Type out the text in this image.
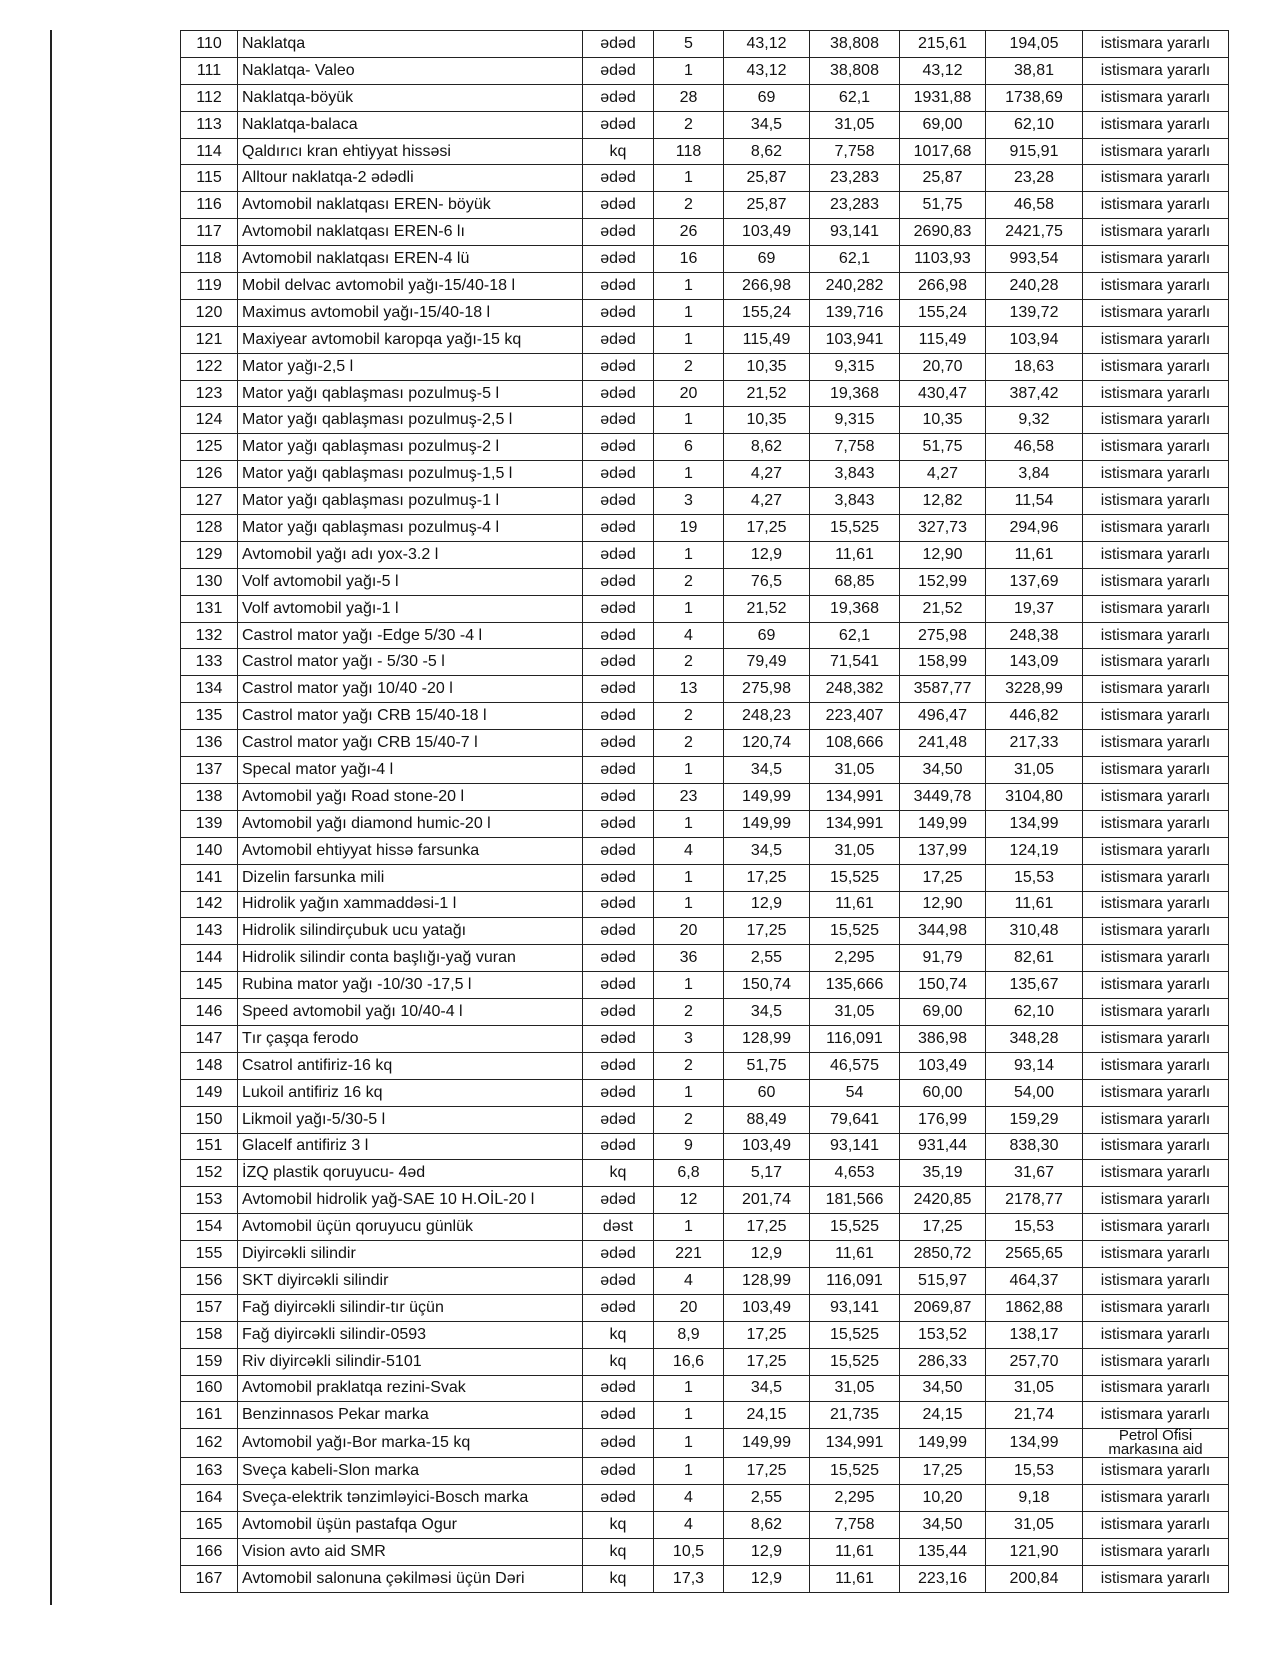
110	Naklatqa	ədəd	5	43,12	38,808	215,61	194,05	istismara yararlı
111	Naklatqa- Valeo	ədəd	1	43,12	38,808	43,12	38,81	istismara yararlı
112	Naklatqa-böyük	ədəd	28	69	62,1	1931,88	1738,69	istismara yararlı
113	Naklatqa-balaca	ədəd	2	34,5	31,05	69,00	62,10	istismara yararlı
114	Qaldırıcı kran ehtiyyat hissəsi	kq	118	8,62	7,758	1017,68	915,91	istismara yararlı
115	Alltour naklatqa-2 ədədli	ədəd	1	25,87	23,283	25,87	23,28	istismara yararlı
116	Avtomobil naklatqası EREN- böyük	ədəd	2	25,87	23,283	51,75	46,58	istismara yararlı
117	Avtomobil naklatqası EREN-6 lı	ədəd	26	103,49	93,141	2690,83	2421,75	istismara yararlı
118	Avtomobil naklatqası EREN-4 lü	ədəd	16	69	62,1	1103,93	993,54	istismara yararlı
119	Mobil delvac avtomobil yağı-15/40-18 l	ədəd	1	266,98	240,282	266,98	240,28	istismara yararlı
120	Maximus avtomobil yağı-15/40-18 l	ədəd	1	155,24	139,716	155,24	139,72	istismara yararlı
121	Maxiyear avtomobil karopqa yağı-15 kq	ədəd	1	115,49	103,941	115,49	103,94	istismara yararlı
122	Mator yağı-2,5 l	ədəd	2	10,35	9,315	20,70	18,63	istismara yararlı
123	Mator yağı qablaşması pozulmuş-5 l	ədəd	20	21,52	19,368	430,47	387,42	istismara yararlı
124	Mator yağı qablaşması pozulmuş-2,5 l	ədəd	1	10,35	9,315	10,35	9,32	istismara yararlı
125	Mator yağı qablaşması pozulmuş-2 l	ədəd	6	8,62	7,758	51,75	46,58	istismara yararlı
126	Mator yağı qablaşması pozulmuş-1,5 l	ədəd	1	4,27	3,843	4,27	3,84	istismara yararlı
127	Mator yağı qablaşması pozulmuş-1 l	ədəd	3	4,27	3,843	12,82	11,54	istismara yararlı
128	Mator yağı qablaşması pozulmuş-4 l	ədəd	19	17,25	15,525	327,73	294,96	istismara yararlı
129	Avtomobil yağı adı yox-3.2 l	ədəd	1	12,9	11,61	12,90	11,61	istismara yararlı
130	Volf avtomobil yağı-5 l	ədəd	2	76,5	68,85	152,99	137,69	istismara yararlı
131	Volf avtomobil yağı-1 l	ədəd	1	21,52	19,368	21,52	19,37	istismara yararlı
132	Castrol mator yağı -Edge 5/30 -4 l	ədəd	4	69	62,1	275,98	248,38	istismara yararlı
133	Castrol mator yağı - 5/30 -5 l	ədəd	2	79,49	71,541	158,99	143,09	istismara yararlı
134	Castrol mator yağı 10/40 -20 l	ədəd	13	275,98	248,382	3587,77	3228,99	istismara yararlı
135	Castrol mator yağı CRB 15/40-18 l	ədəd	2	248,23	223,407	496,47	446,82	istismara yararlı
136	Castrol mator yağı CRB 15/40-7 l	ədəd	2	120,74	108,666	241,48	217,33	istismara yararlı
137	Specal mator yağı-4 l	ədəd	1	34,5	31,05	34,50	31,05	istismara yararlı
138	Avtomobil yağı Road stone-20 l	ədəd	23	149,99	134,991	3449,78	3104,80	istismara yararlı
139	Avtomobil yağı diamond humic-20 l	ədəd	1	149,99	134,991	149,99	134,99	istismara yararlı
140	Avtomobil ehtiyyat hissə farsunka	ədəd	4	34,5	31,05	137,99	124,19	istismara yararlı
141	Dizelin farsunka mili	ədəd	1	17,25	15,525	17,25	15,53	istismara yararlı
142	Hidrolik yağın xammaddəsi-1 l	ədəd	1	12,9	11,61	12,90	11,61	istismara yararlı
143	Hidrolik silindirçubuk ucu yatağı	ədəd	20	17,25	15,525	344,98	310,48	istismara yararlı
144	Hidrolik silindir conta başlığı-yağ vuran	ədəd	36	2,55	2,295	91,79	82,61	istismara yararlı
145	Rubina mator yağı -10/30 -17,5 l	ədəd	1	150,74	135,666	150,74	135,67	istismara yararlı
146	Speed avtomobil yağı 10/40-4 l	ədəd	2	34,5	31,05	69,00	62,10	istismara yararlı
147	Tır çaşqa ferodo	ədəd	3	128,99	116,091	386,98	348,28	istismara yararlı
148	Csatrol antifiriz-16 kq	ədəd	2	51,75	46,575	103,49	93,14	istismara yararlı
149	Lukoil antifiriz 16 kq	ədəd	1	60	54	60,00	54,00	istismara yararlı
150	Likmoil yağı-5/30-5 l	ədəd	2	88,49	79,641	176,99	159,29	istismara yararlı
151	Glacelf antifiriz 3 l	ədəd	9	103,49	93,141	931,44	838,30	istismara yararlı
152	İZQ plastik qoruyucu- 4əd	kq	6,8	5,17	4,653	35,19	31,67	istismara yararlı
153	Avtomobil hidrolik yağ-SAE 10 H.OİL-20 l	ədəd	12	201,74	181,566	2420,85	2178,77	istismara yararlı
154	Avtomobil üçün qoruyucu günlük	dəst	1	17,25	15,525	17,25	15,53	istismara yararlı
155	Diyircəkli silindir	ədəd	221	12,9	11,61	2850,72	2565,65	istismara yararlı
156	SKT diyircəkli silindir	ədəd	4	128,99	116,091	515,97	464,37	istismara yararlı
157	Fağ diyircəkli silindir-tır üçün	ədəd	20	103,49	93,141	2069,87	1862,88	istismara yararlı
158	Fağ diyircəkli silindir-0593	kq	8,9	17,25	15,525	153,52	138,17	istismara yararlı
159	Riv diyircəkli silindir-5101	kq	16,6	17,25	15,525	286,33	257,70	istismara yararlı
160	Avtomobil praklatqa rezini-Svak	ədəd	1	34,5	31,05	34,50	31,05	istismara yararlı
161	Benzinnasos Pekar marka	ədəd	1	24,15	21,735	24,15	21,74	istismara yararlı
162	Avtomobil yağı-Bor marka-15 kq	ədəd	1	149,99	134,991	149,99	134,99	Petrol Ofisi markasına aid
163	Sveça kabeli-Slon marka	ədəd	1	17,25	15,525	17,25	15,53	istismara yararlı
164	Sveça-elektrik tənzimləyici-Bosch marka	ədəd	4	2,55	2,295	10,20	9,18	istismara yararlı
165	Avtomobil üşün pastafqa Ogur	kq	4	8,62	7,758	34,50	31,05	istismara yararlı
166	Vision avto aid SMR	kq	10,5	12,9	11,61	135,44	121,90	istismara yararlı
167	Avtomobil salonuna çəkilməsi üçün Dəri	kq	17,3	12,9	11,61	223,16	200,84	istismara yararlı
